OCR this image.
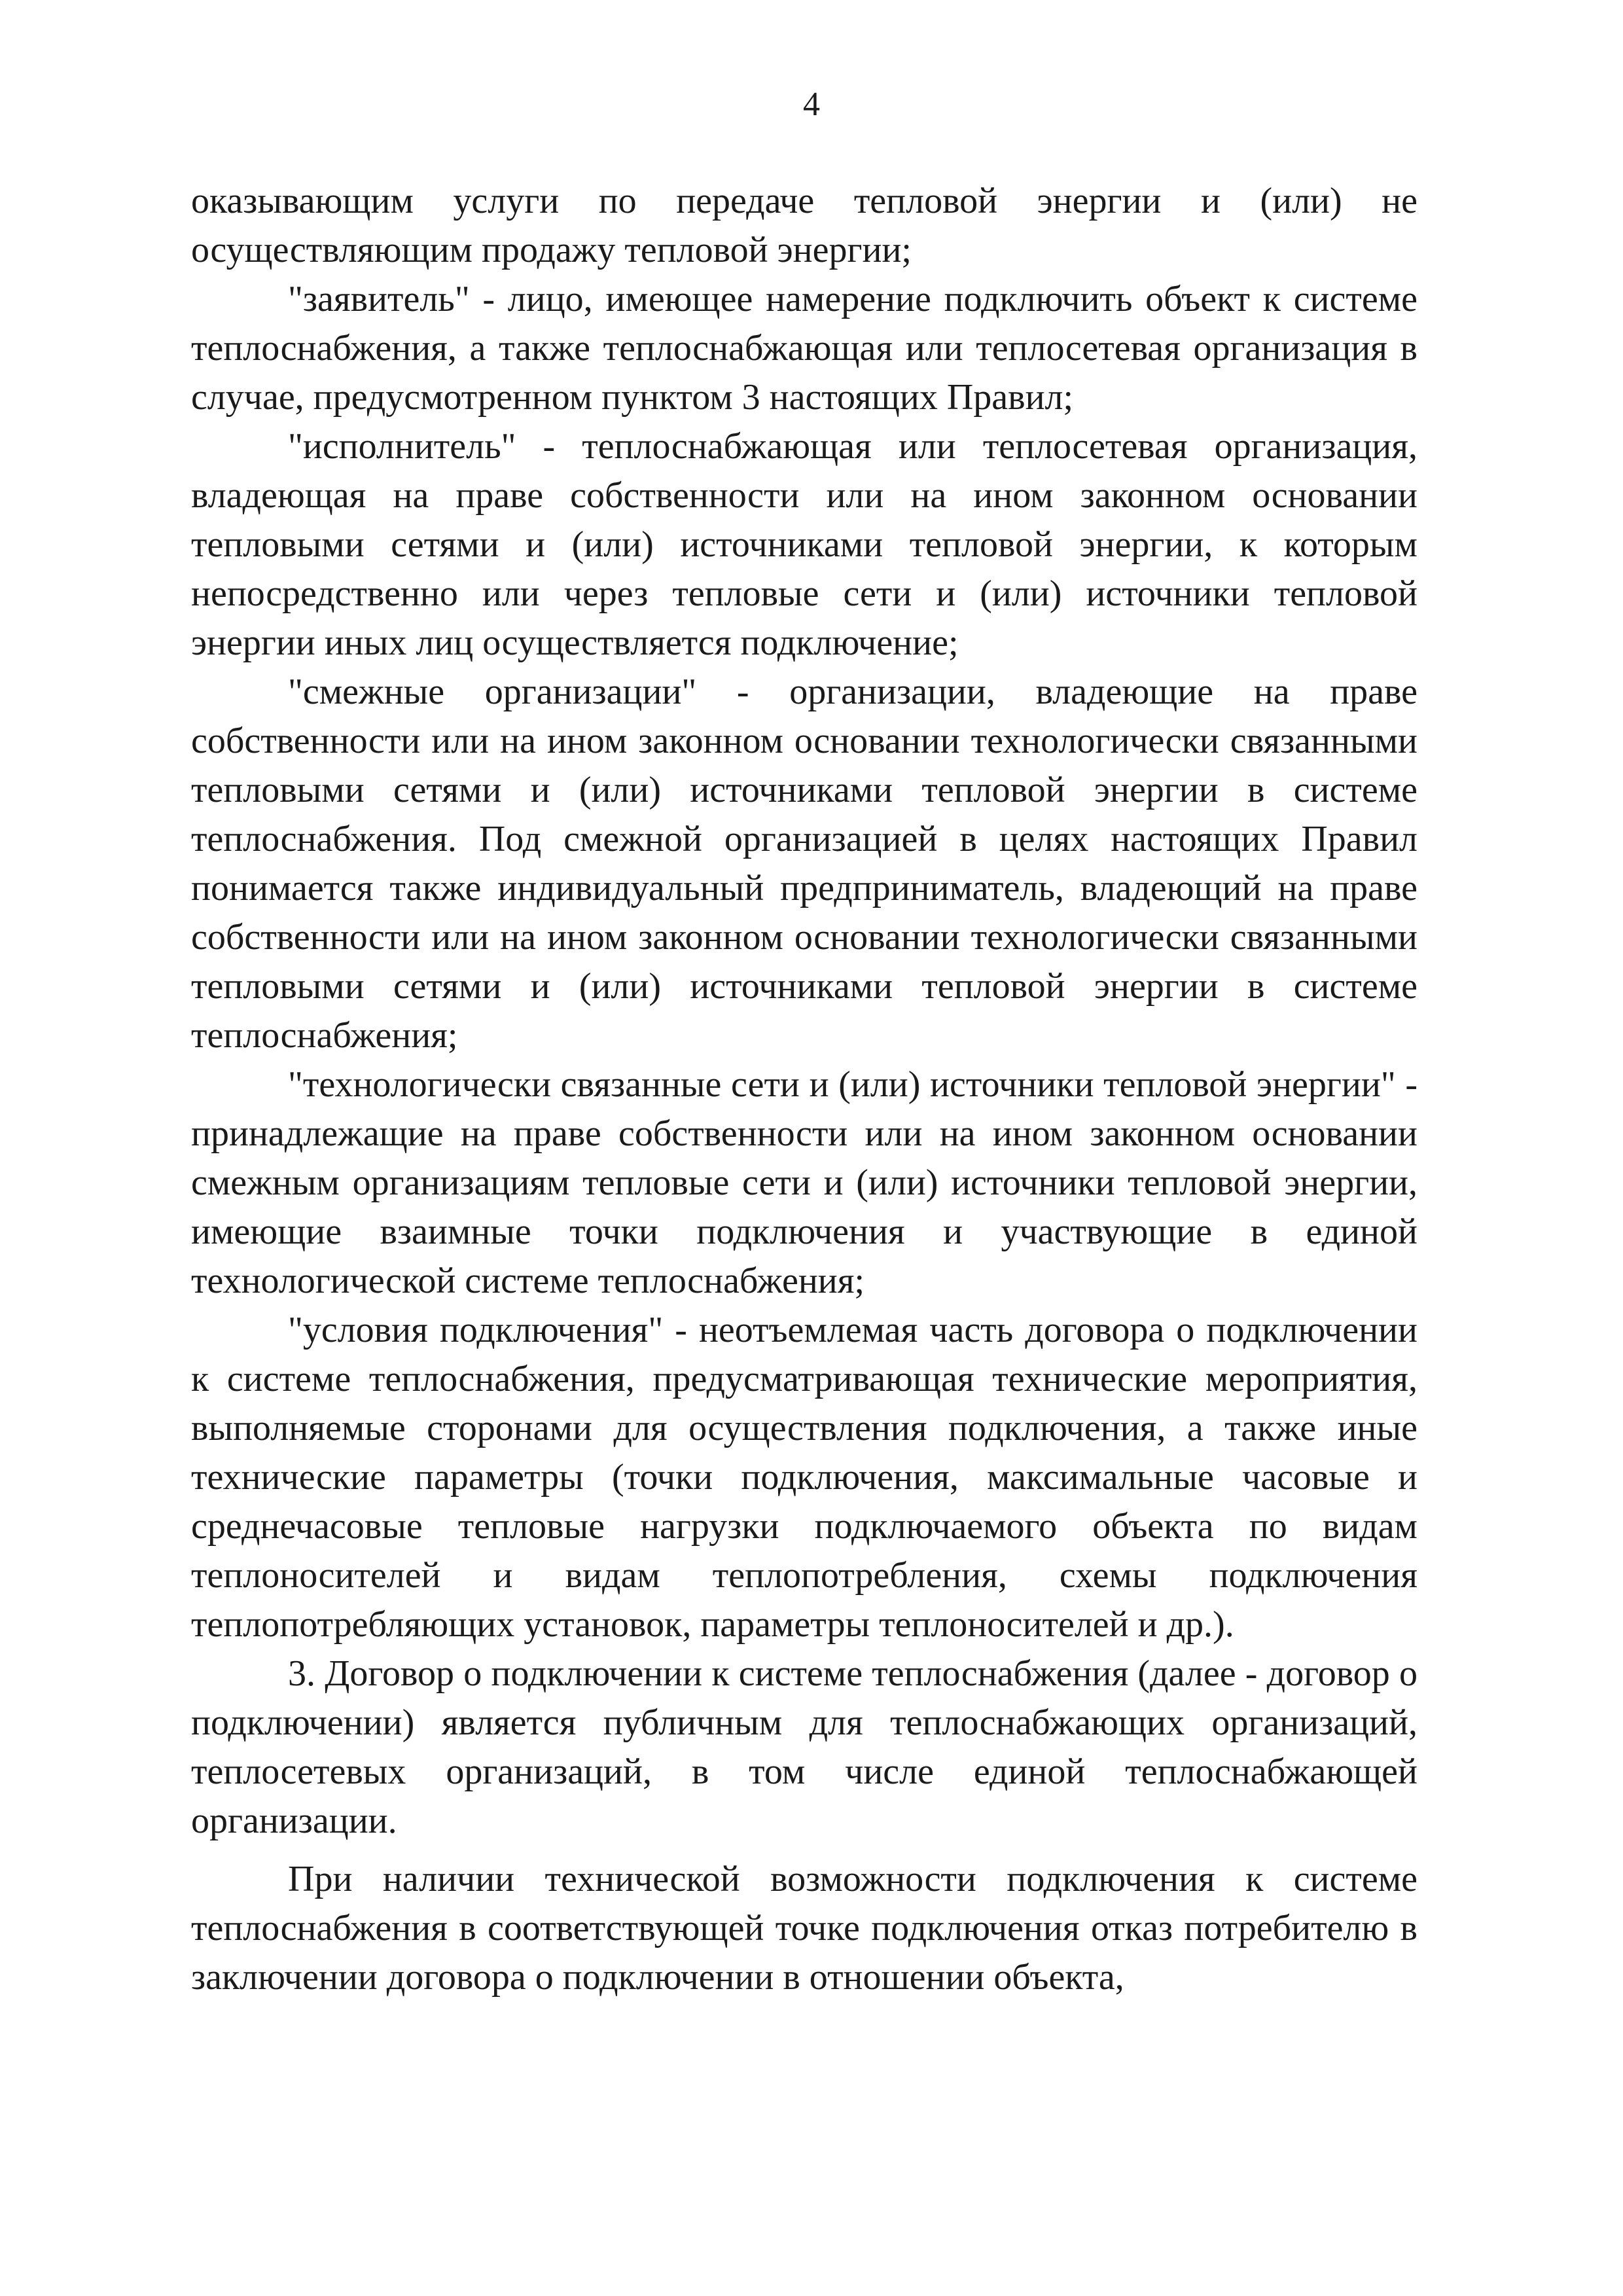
4

оказывающим услуги по передаче тепловой энергии и (или) не осуществляющим продажу тепловой энергии;

"заявитель" - лицо, имеющее намерение подключить объект к системе теплоснабжения, а также теплоснабжающая или теплосетевая организация в случае, предусмотренном пунктом 3 настоящих Правил;

"исполнитель" - теплоснабжающая или теплосетевая организация, владеющая на праве собственности или на ином законном основании тепловыми сетями и (или) источниками тепловой энергии, к которым непосредственно или через тепловые сети и (или) источники тепловой энергии иных лиц осуществляется подключение;

"смежные организации" - организации, владеющие на праве собственности или на ином законном основании технологически связанными тепловыми сетями и (или) источниками тепловой энергии в системе теплоснабжения. Под смежной организацией в целях настоящих Правил понимается также индивидуальный предприниматель, владеющий на праве собственности или на ином законном основании технологически связанными тепловыми сетями и (или) источниками тепловой энергии в системе теплоснабжения;

"технологически связанные сети и (или) источники тепловой энергии" - принадлежащие на праве собственности или на ином законном основании смежным организациям тепловые сети и (или) источники тепловой энергии, имеющие взаимные точки подключения и участвующие в единой технологической системе теплоснабжения;

"условия подключения" - неотъемлемая часть договора о подключении к системе теплоснабжения, предусматривающая технические мероприятия, выполняемые сторонами для осуществления подключения, а также иные технические параметры (точки подключения, максимальные часовые и среднечасовые тепловые нагрузки подключаемого объекта по видам теплоносителей и видам теплопотребления, схемы подключения теплопотребляющих установок, параметры теплоносителей и др.).

3. Договор о подключении к системе теплоснабжения (далее - договор о подключении) является публичным для теплоснабжающих организаций, теплосетевых организаций, в том числе единой теплоснабжающей организации.

При наличии технической возможности подключения к системе теплоснабжения в соответствующей точке подключения отказ потребителю в заключении договора о подключении в отношении объекта,
